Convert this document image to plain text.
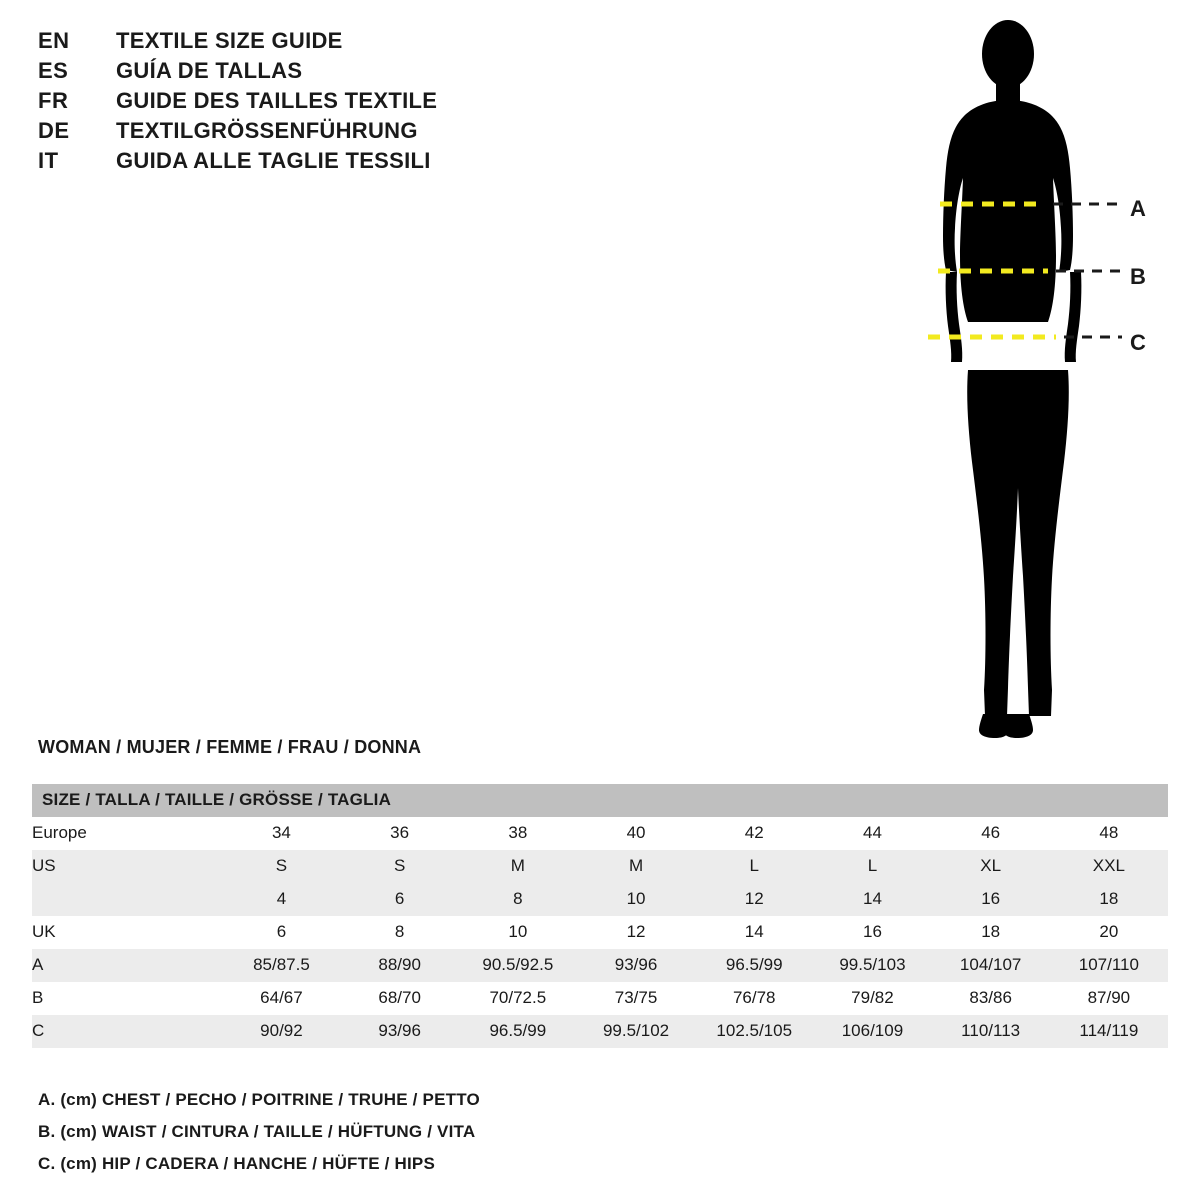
EN	TEXTILE SIZE GUIDE
ES	GUÍA DE TALLAS
FR	GUIDE DES TAILLES TEXTILE
DE	TEXTILGRÖSSENFÜHRUNG
IT	GUIDA ALLE TAGLIE TESSILI
A
B
C
WOMAN / MUJER / FEMME / FRAU / DONNA
SIZE / TALLA / TAILLE / GRÖSSE / TAGLIA								
Europe	34	36	38	40	42	44	46	48
US	S	S	M	M	L	L	XL	XXL
	4	6	8	10	12	14	16	18
UK	6	8	10	12	14	16	18	20
A	85/87.5	88/90	90.5/92.5	93/96	96.5/99	99.5/103	104/107	107/110
B	64/67	68/70	70/72.5	73/75	76/78	79/82	83/86	87/90
C	90/92	93/96	96.5/99	99.5/102	102.5/105	106/109	110/113	114/119
A. (cm) CHEST / PECHO / POITRINE / TRUHE / PETTO
B. (cm) WAIST / CINTURA / TAILLE / HÜFTUNG / VITA
C. (cm) HIP / CADERA / HANCHE / HÜFTE / HIPS
